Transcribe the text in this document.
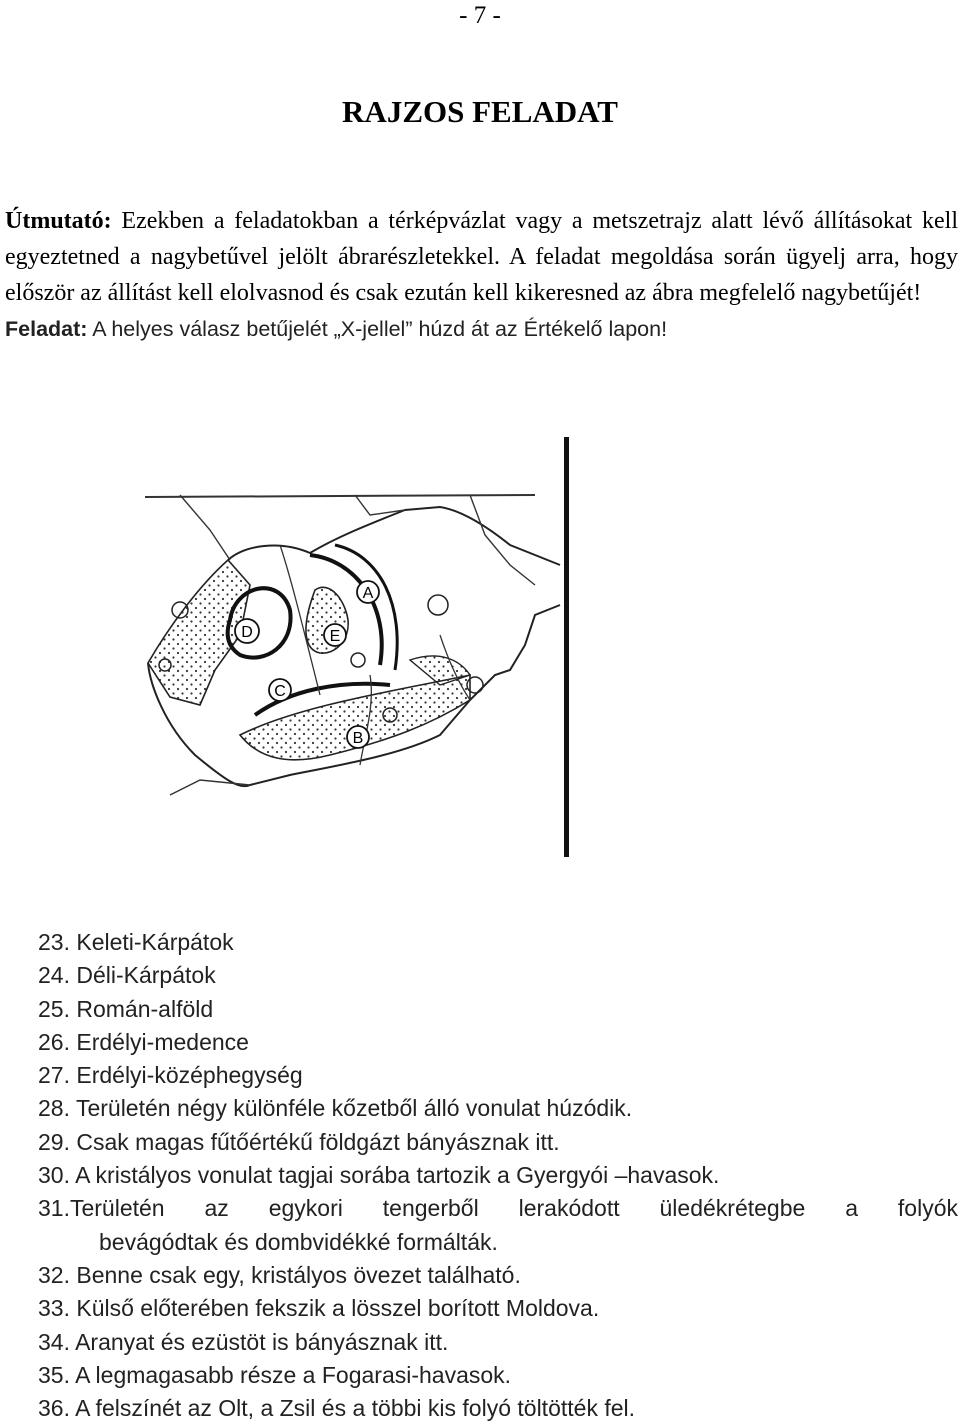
- 7 -
RAJZOS FELADAT

Útmutató: Ezekben a feladatokban a térképvázlat vagy a metszetrajz alatt lévő állításokat kell egyeztetned a nagybetűvel jelölt ábrarészletekkel. A feladat megoldása során ügyelj arra, hogy először az állítást kell elolvasnod és csak ezután kell kikeresned az ábra megfelelő nagybetűjét!

Feladat: A helyes válasz betűjelét „X-jellel” húzd át az Értékelő lapon!

A
B
C
D	E
23. Keleti-Kárpátok
24. Déli-Kárpátok
25. Román-alföld
26. Erdélyi-medence
27. Erdélyi-középhegység
28. Területén négy különféle kőzetből álló vonulat húzódik.
29. Csak magas fűtőértékű földgázt bányásznak itt.
30. A kristályos vonulat tagjai sorába tartozik a Gyergyói –havasok.
31.Területén az egykori tengerből lerakódott üledékrétegbe a folyók
bevágódtak és dombvidékké formálták.
32. Benne csak egy, kristályos övezet található.
33. Külső előterében fekszik a lösszel borított Moldova.
34. Aranyat és ezüstöt is bányásznak itt.
35. A legmagasabb része a Fogarasi-havasok.
36. A felszínét az Olt, a Zsil és a többi kis folyó töltötték fel.
